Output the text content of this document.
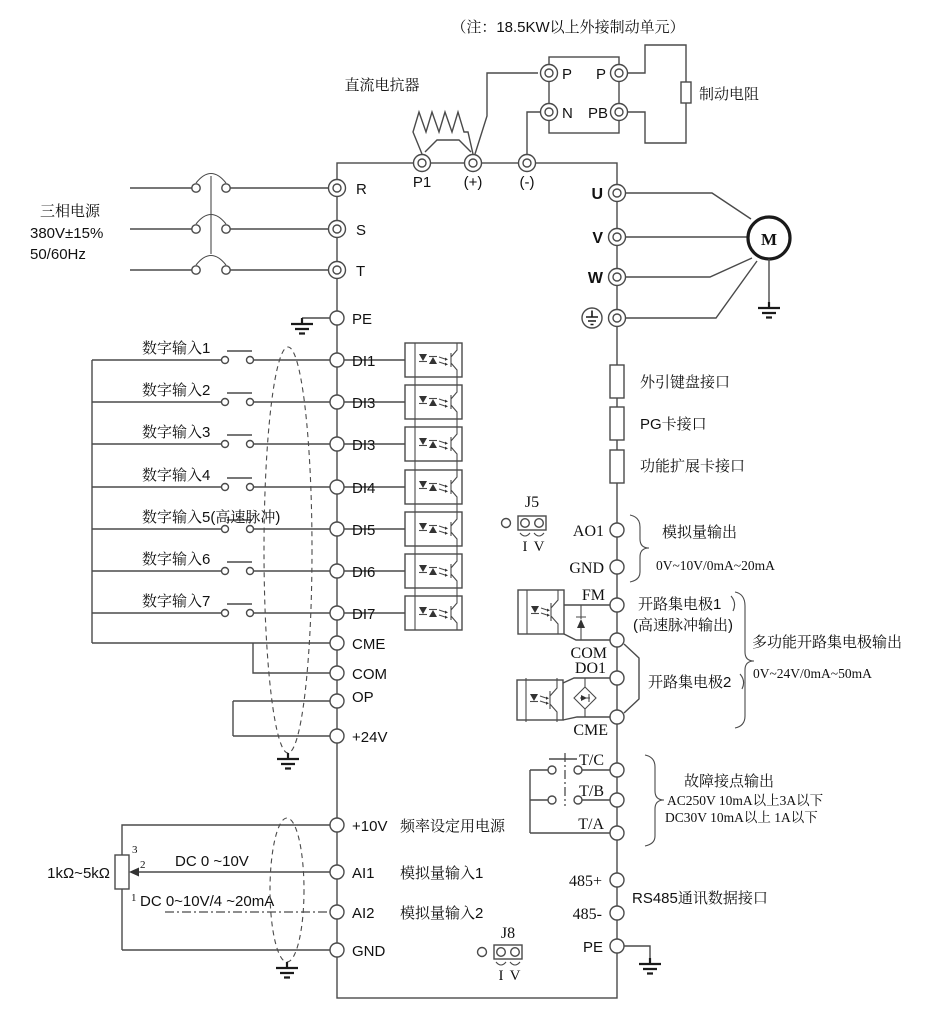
（注：18.5KW以上外接制动单元）
直流电抗器
P
N
P
PB
制动电阻
P1 (+) (-)
三相电源
380V±15%
50/60Hz
R
S
T
PE
U
V
W
M
外引键盘接口
PG卡接口
功能扩展卡接口
数字输入1
DI1
数字输入2
DI3
数字输入3
DI3
数字输入4
DI4
数字输入5(高速脉冲)
DI5
数字输入6
DI6
数字输入7
DI7
CME
COM
OP
+24V
J5
I V
AO1
GND
模拟量输出
0V~10V/0mA~20mA
FM
COM
DO1
CME
开路集电极1
(高速脉冲输出)
开路集电极2
多功能开路集电极输出
0V~24V/0mA~50mA
T/C
T/B
T/A
故障接点输出
AC250V 10mA以上3A以下
DC30V 10mA以上 1A以下
1kΩ~5kΩ
3
2
1
DC 0 ~10V
DC 0~10V/4 ~20mA
+10V 频率设定用电源
AI1 模拟量输入1
AI2 模拟量输入2
GND
485+
485-
PE
RS485通讯数据接口
J8
I V
